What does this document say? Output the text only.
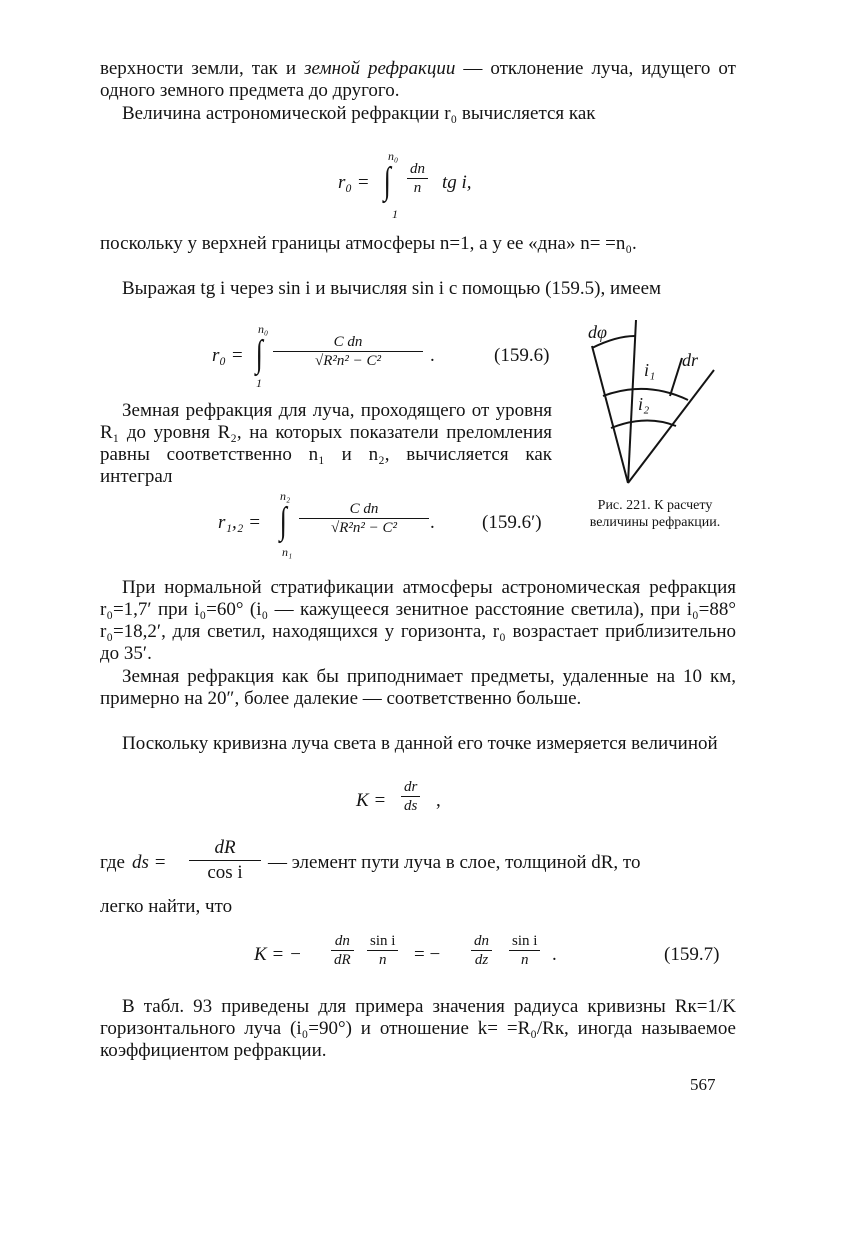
верхности земли, так и земной рефракции — отклонение луча, идущего от одного земного предмета до другого.

Величина астрономической рефракции r₀ вычисляется как

r₀ =
n₀
∫
1
$\frac{dn}{n}$ tg i,

поскольку у верхней границы атмосферы n=1, а у ее «дна» n= =n₀.

Выражая tg i через sin i и вычисляя sin i с помощью (159.5), имеем

r₀ =
n₀
∫
1
$\frac{\text{C dn}}{\text{√R²n² − C²}}$ .	(159.6)

Земная рефракция для луча, проходящего от уровня R₁ до уровня R₂, на которых показатели преломления равны соответственно n₁ и n₂, вычисляется как интеграл

r₁,₂ =
n₂
∫
n₁
$\frac{\text{C dn}}{\text{√R²n² − C²}}$ . (159.6′)
dφ
i₁
i₂
dr
Рис. 221. К расчету величины рефракции.

При нормальной стратификации атмосферы астрономическая рефракция r₀=1,7′ при i₀=60° (i₀ — кажущееся зенитное расстояние светила), при i₀=88° r₀=18,2′, для светил, находящихся у горизонта, r₀ возрастает приблизительно до 35′.

Земная рефракция как бы приподнимает предметы, удаленные на 10 км, примерно на 20″, более далекие — соответственно больше.

Поскольку кривизна луча света в данной его точке измеряется величиной

$K = \frac{dr}{ds}$ ,
где ds = $\frac{dR}{\text{cos i}}$ — элемент пути луча в слое, толщиной dR, то

легко найти, что

K = − $\frac{dn}{dR} \frac{\text{sin i}}{n}$ = − $\frac{dn}{dz} \frac{\text{sin i}}{n}$ .	(159.7)

В табл. 93 приведены для примера значения радиуса кривизны Rк=1/K горизонтального луча (i₀=90°) и отношение k= =R₀/Rк, иногда называемое коэффициентом рефракции.

567
